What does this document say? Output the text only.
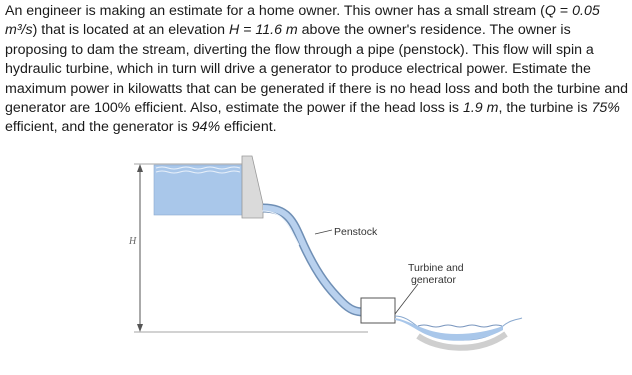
An engineer is making an estimate for a home owner. This owner has a small stream (Q = 0.05 m³/s) that is located at an elevation H = 11.6 m above the owner's residence. The owner is proposing to dam the stream, diverting the flow through a pipe (penstock). This flow will spin a hydraulic turbine, which in turn will drive a generator to produce electrical power. Estimate the maximum power in kilowatts that can be generated if there is no head loss and both the turbine and generator are 100% efficient. Also, estimate the power if the head loss is 1.9 m, the turbine is 75% efficient, and the generator is 94% efficient.
H
Penstock
Turbine and
generator
